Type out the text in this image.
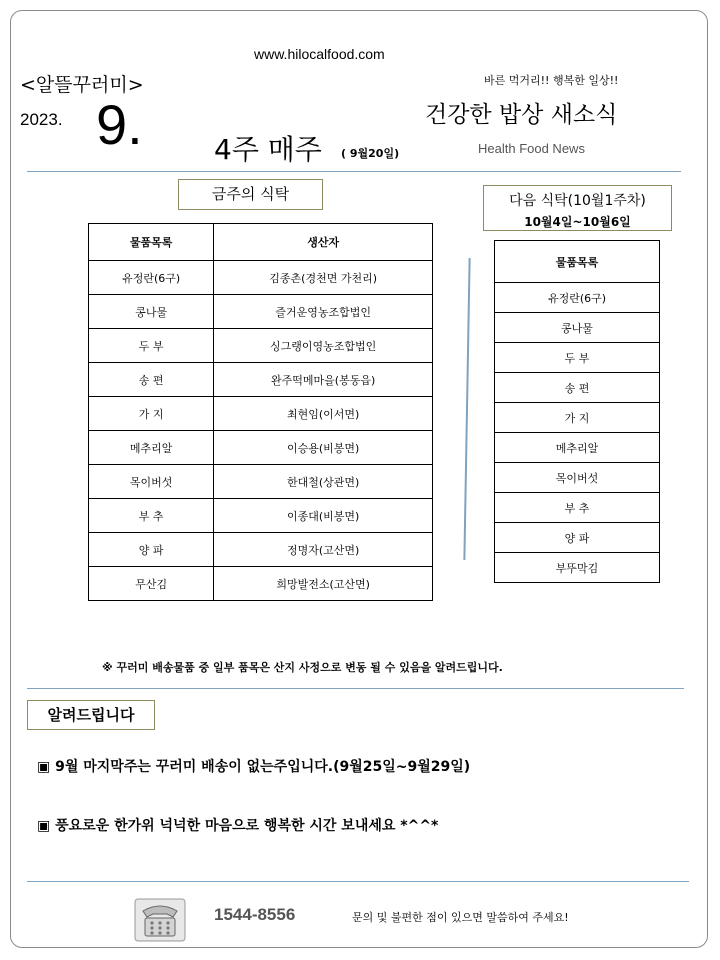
www.hilocalfood.com
<알뜰꾸러미>	바른 먹거리!! 행복한 일상!!
2023. 9.	4주 매주 ( 9월20일)
건강한 밥상 새소식
Health Food News
금주의 식탁	다음 식탁(10월1주차)
10월4일~10월6일
물품목록	생산자
유정란(6구)	김종촌(경천면 가천리)
콩나물	즐거운영농조합법인
두 부	싱그랭이영농조합법인
송 편	완주떡메마을(봉동읍)
가 지	최현임(이서면)
메추리알	이승용(비봉면)
목이버섯	한대철(상관면)
부 추	이종대(비봉면)
양 파	정명자(고산면)
무산김	희망발전소(고산면)
물품목록
유정란(6구)
콩나물
두 부
송 편
가 지
메추리알
목이버섯
부 추
양 파
부뚜막김
※ 꾸러미 배송물품 중 일부 품목은 산지 사정으로 변동 될 수 있음을 알려드립니다.
알려드립니다
▣ 9월 마지막주는 꾸러미 배송이 없는주입니다.(9월25일~9월29일)
▣ 풍요로운 한가위 넉넉한 마음으로 행복한 시간 보내세요 *^^*
1544-8556	문의 및 불편한 점이 있으면 말씀하여 주세요!
